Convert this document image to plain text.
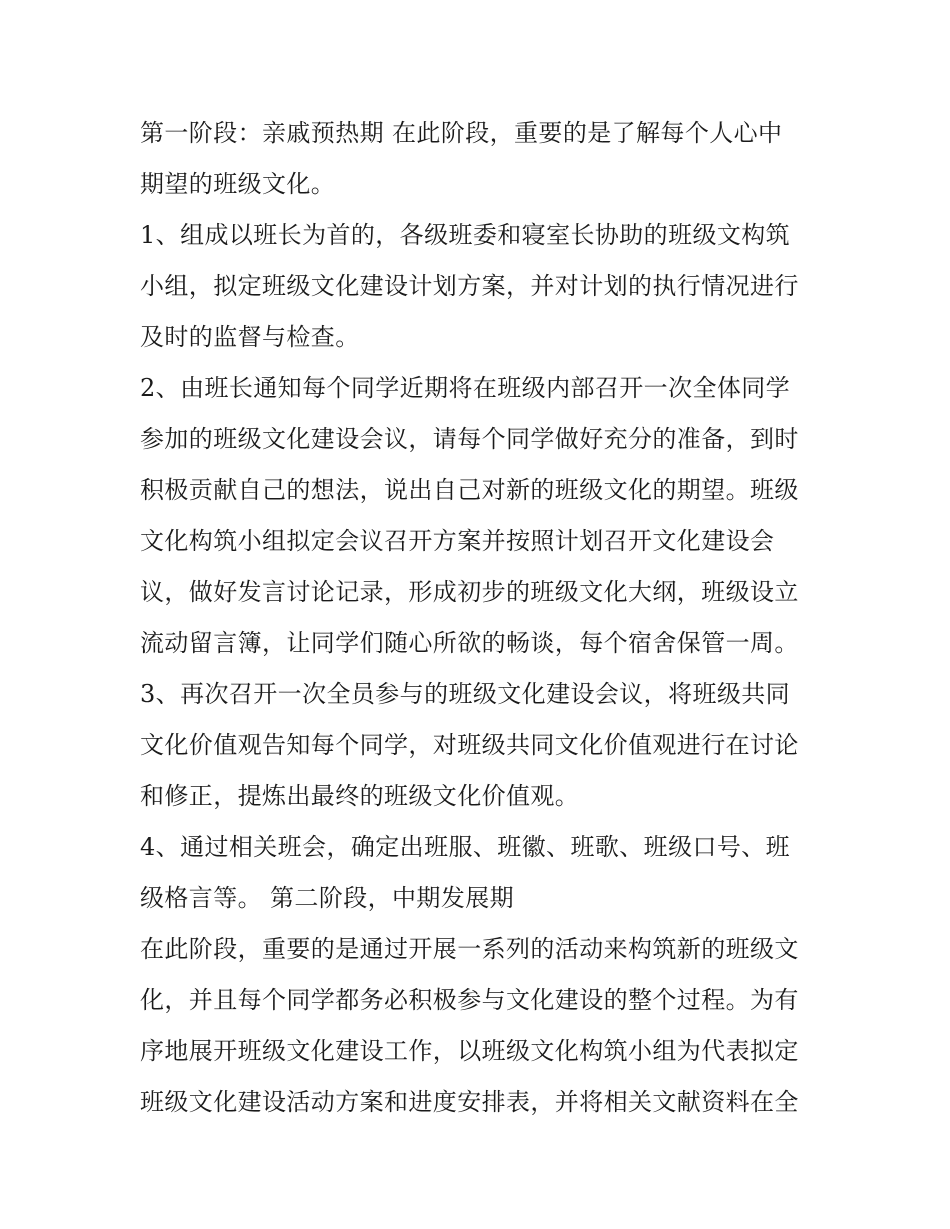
第一阶段：亲戚预热期 在此阶段，重要的是了解每个人心中
期望的班级文化。
1、组成以班长为首的，各级班委和寝室长协助的班级文构筑
小组，拟定班级文化建设计划方案，并对计划的执行情况进行
及时的监督与检查。
2、由班长通知每个同学近期将在班级内部召开一次全体同学
参加的班级文化建设会议，请每个同学做好充分的准备，到时
积极贡献自己的想法，说出自己对新的班级文化的期望。班级
文化构筑小组拟定会议召开方案并按照计划召开文化建设会
议，做好发言讨论记录，形成初步的班级文化大纲，班级设立
流动留言簿，让同学们随心所欲的畅谈，每个宿舍保管一周。
3、再次召开一次全员参与的班级文化建设会议，将班级共同
文化价值观告知每个同学，对班级共同文化价值观进行在讨论
和修正，提炼出最终的班级文化价值观。
4、通过相关班会，确定出班服、班徽、班歌、班级口号、班
级格言等。 第二阶段，中期发展期
在此阶段，重要的是通过开展一系列的活动来构筑新的班级文
化，并且每个同学都务必积极参与文化建设的整个过程。为有
序地展开班级文化建设工作，以班级文化构筑小组为代表拟定
班级文化建设活动方案和进度安排表，并将相关文献资料在全
